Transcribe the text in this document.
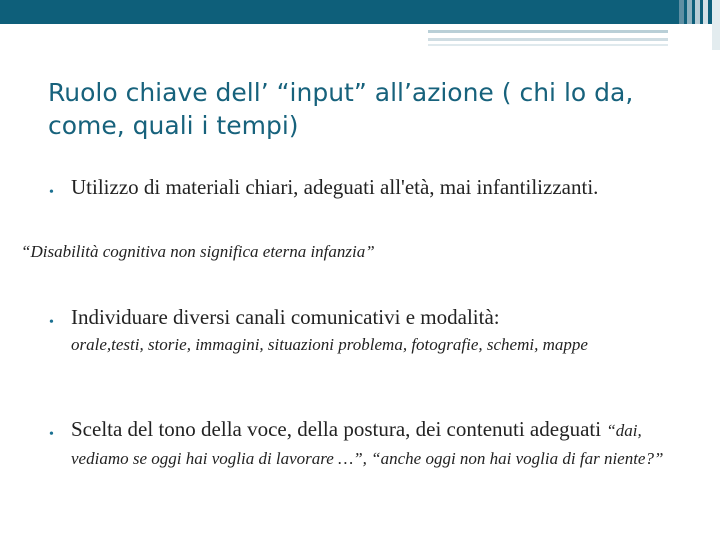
Ruolo chiave dell’ “input” all’azione ( chi lo da, come, quali i tempi)
• Utilizzo di materiali chiari, adeguati all'età, mai infantilizzanti.
“Disabilità cognitiva non significa eterna infanzia”
• Individuare diversi canali comunicativi e modalità:
orale,testi, storie, immagini, situazioni problema, fotografie, schemi, mappe
• Scelta del tono della voce, della postura, dei contenuti adeguati “dai, vediamo se oggi hai voglia di lavorare …”, “anche oggi non hai voglia di far niente?”
